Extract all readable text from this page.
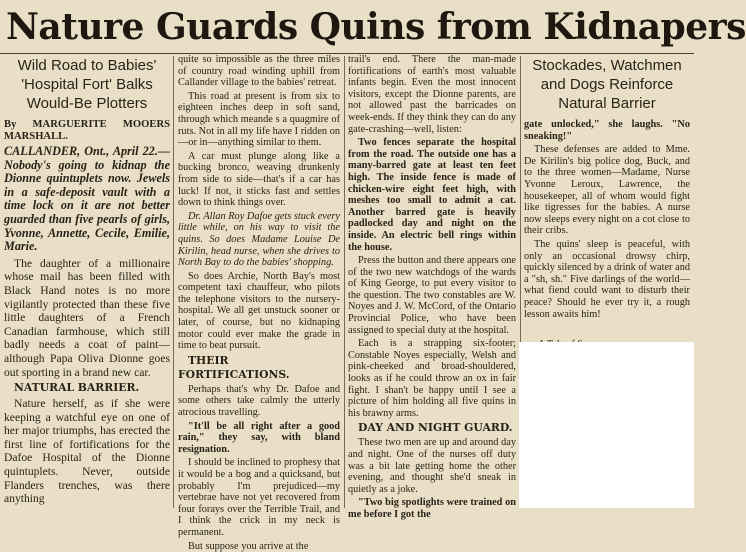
Nature Guards Quins from Kidnapers
Wild Road to Babies' 'Hospital Fort' Balks Would-Be Plotters
By MARGUERITE MOOERS MARSHALL.
CALLANDER, Ont., April 22.—Nobody's going to kidnap the Dionne quintuplets now. Jewels in a safe-deposit vault with a time lock on it are not better guarded than five pearls of girls, Yvonne, Annette, Cecile, Emilie, Marie.

The daughter of a millionaire whose mail has been filled with Black Hand notes is no more vigilantly protected than these five little daughters of a French Canadian farmhouse, which still badly needs a coat of paint—although Papa Oliva Dionne goes out sporting in a brand new car.

NATURAL BARRIER.

Nature herself, as if she were keeping a watchful eye on one of her major triumphs, has erected the first line of fortifications for the Dafoe Hospital of the Dionne quintuplets. Never, outside Flanders trenches, was there anything

quite so impossible as the three miles of country road winding uphill from Callander village to the babies' retreat.

This road at present is from six to eighteen inches deep in soft sand, through which meande s a quagmire of ruts. Not in all my life have I ridden on—or in—anything similar to them.

A car must plunge along like a bucking bronco, weaving drunkenly from side to side—that's if a car has luck! If not, it sticks fast and settles down to think things over.

Dr. Allan Roy Dafoe gets stuck every little while, on his way to visit the quins. So does Madame Louise De Kirilin, head nurse, when she drives to North Bay to do the babies' shopping.

So does Archie, North Bay's most competent taxi chauffeur, who pilots the telephone visitors to the nursery-hospital. We all get unstuck sooner or later, of course, but no kidnaping motor could ever make the grade in time to beat pursuit.

THEIR FORTIFICATIONS.

Perhaps that's why Dr. Dafoe and some others take calmly the utterly atrocious travelling.

"It'll be all right after a good rain," they say, with bland resignation.

I should be inclined to prophesy that it would be a bog and a quicksand, but probably I'm prejudiced—my vertebrae have not yet recovered from four forays over the Terrible Trail, and I think the crick in my neck is permanent.

But suppose you arrive at the

trail's end. There the man-made fortifications of earth's most valuable infants begin. Even the most innocent visitors, except the Dionne parents, are not allowed past the barricades on week-ends. If they think they can do any gate-crashing—well, listen:

Two fences separate the hospital from the road. The outside one has a many-barred gate at least ten feet high. The inside fence is made of chicken-wire eight feet high, with meshes too small to admit a cat. Another barred gate is heavily padlocked day and night on the inside. An electric bell rings within the house.

Press the button and there appears one of the two new watchdogs of the wards of King George, to put every visitor to the question. The two constables are W. Noyes and J. W. McCord, of the Ontario Provincial Police, who have been assigned to special duty at the hospital.

Each is a strapping six-footer; Constable Noyes especially, Welsh and pink-cheeked and broad-shouldered, looks as if he could throw an ox in fair fight. I shan't be happy until I see a picture of him holding all five quins in his brawny arms.

DAY AND NIGHT GUARD.

These two men are up and around day and night. One of the nurses off duty was a bit late getting home the other evening, and thought she'd sneak in quietly as a joke.

"Two big spotlights were trained on me before I got the

Stockades, Watchmen and Dogs Reinforce Natural Barrier

gate unlocked," she laughs. "No sneaking!"

These defenses are added to Mme. De Kirilin's big police dog, Buck, and to the three women—Madame, Nurse Yvonne Leroux, Lawrence, the housekeeper, all of whom would fight like tigresses for the babies. A nurse now sleeps every night on a cot close to their cribs.

The quins' sleep is peaceful, with only an occasional drowsy chirp, quickly silenced by a drink of water and a "sh, sh." Five darlings of the world—what fiend could want to disturb their peace? Should he ever try it, a rough lesson awaits him!
